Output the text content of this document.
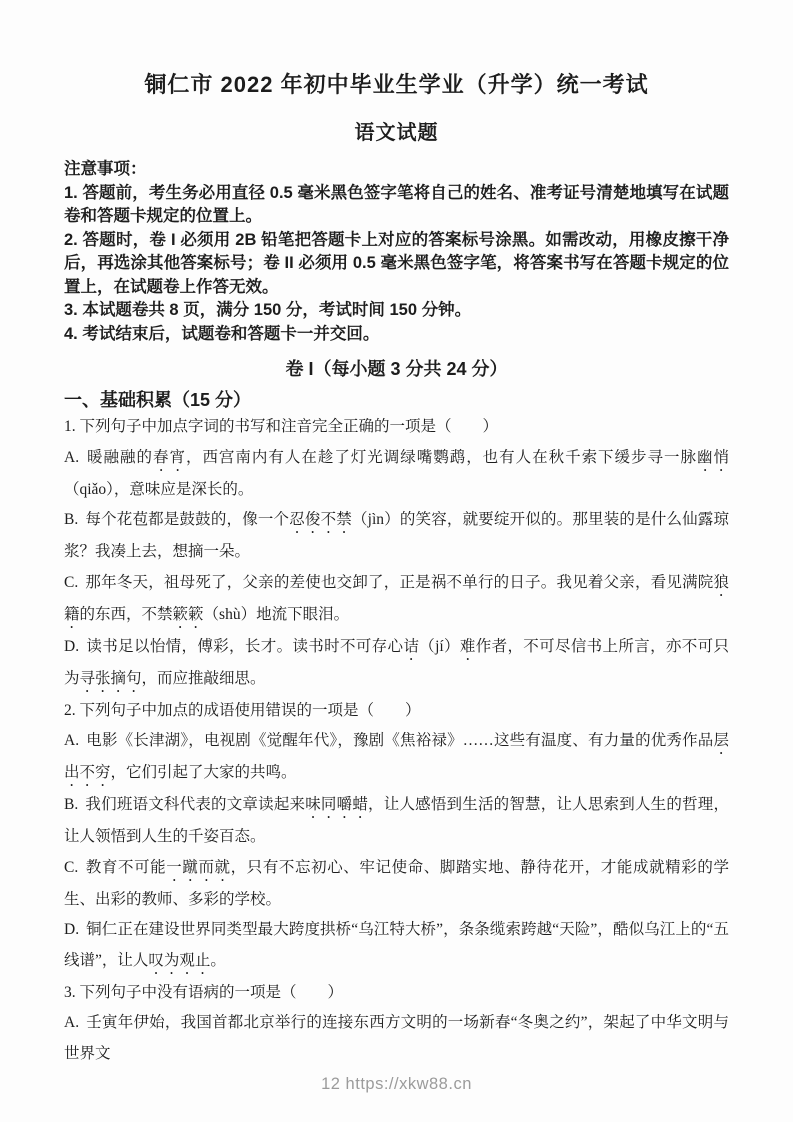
铜仁市 2022 年初中毕业生学业（升学）统一考试
语文试题

注意事项：

1. 答题前，考生务必用直径 0.5 毫米黑色签字笔将自己的姓名、准考证号清楚地填写在试题卷和答题卡规定的位置上。

2. 答题时，卷 I 必须用 2B 铅笔把答题卡上对应的答案标号涂黑。如需改动，用橡皮擦干净后，再选涂其他答案标号；卷 II 必须用 0.5 毫米黑色签字笔，将答案书写在答题卡规定的位置上，在试题卷上作答无效。

3. 本试题卷共 8 页，满分 150 分，考试时间 150 分钟。

4. 考试结束后，试题卷和答题卡一并交回。

卷 I（每小题 3 分共 24 分）

一、基础积累（15 分）

1. 下列句子中加点字词的书写和注音完全正确的一项是（　　）

A. 暖融融的春宵，西宫南内有人在趁了灯光调绿嘴鹦鹉，也有人在秋千索下缓步寻一脉幽悄（qiǎo），意味应是深长的。

B. 每个花苞都是鼓鼓的，像一个忍俊不禁（jìn）的笑容，就要绽开似的。那里装的是什么仙露琼浆？我凑上去，想摘一朵。

C. 那年冬天，祖母死了，父亲的差使也交卸了，正是祸不单行的日子。我见着父亲，看见满院狼籍的东西，不禁簌簌（shù）地流下眼泪。

D. 读书足以怡情，傅彩，长才。读书时不可存心诘（jí）难作者，不可尽信书上所言，亦不可只为寻张摘句，而应推敲细思。

2. 下列句子中加点的成语使用错误的一项是（　　）

A. 电影《长津湖》，电视剧《觉醒年代》，豫剧《焦裕禄》……这些有温度、有力量的优秀作品层出不穷，它们引起了大家的共鸣。

B. 我们班语文科代表的文章读起来味同嚼蜡，让人感悟到生活的智慧，让人思索到人生的哲理，让人领悟到人生的千姿百态。

C. 教育不可能一蹴而就，只有不忘初心、牢记使命、脚踏实地、静待花开，才能成就精彩的学生、出彩的教师、多彩的学校。

D. 铜仁正在建设世界同类型最大跨度拱桥“乌江特大桥”，条条缆索跨越“天险”，酷似乌江上的“五线谱”，让人叹为观止。

3. 下列句子中没有语病的一项是（　　）

A. 壬寅年伊始，我国首都北京举行的连接东西方文明的一场新春“冬奥之约”，架起了中华文明与世界文

12 https://xkw88.cn
